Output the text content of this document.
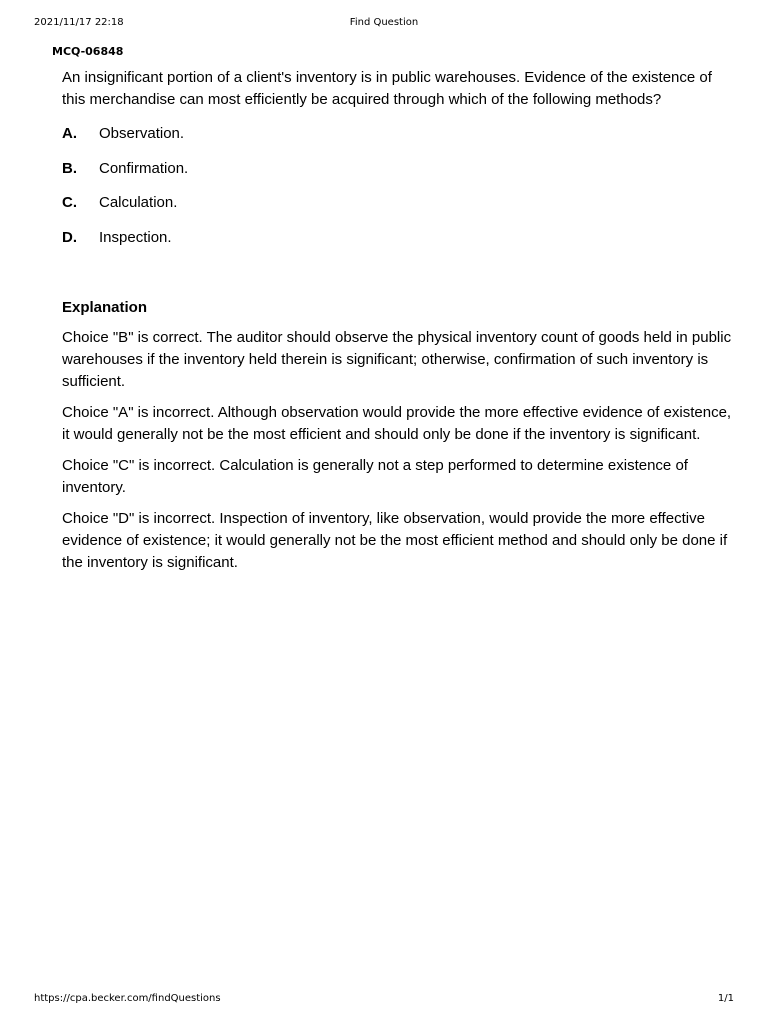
2021/11/17 22:18	Find Question
MCQ-06848

An insignificant portion of a client's inventory is in public warehouses. Evidence of the existence of this merchandise can most efficiently be acquired through which of the following methods?

A.	Observation.
B.	Confirmation.
C.	Calculation.
D.	Inspection.
Explanation

Choice "B" is correct. The auditor should observe the physical inventory count of goods held in public warehouses if the inventory held therein is significant; otherwise, confirmation of such inventory is sufficient.

Choice "A" is incorrect. Although observation would provide the more effective evidence of existence, it would generally not be the most efficient and should only be done if the inventory is significant.

Choice "C" is incorrect. Calculation is generally not a step performed to determine existence of inventory.

Choice "D" is incorrect. Inspection of inventory, like observation, would provide the more effective evidence of existence; it would generally not be the most efficient method and should only be done if the inventory is significant.

https://cpa.becker.com/findQuestions	1/1
